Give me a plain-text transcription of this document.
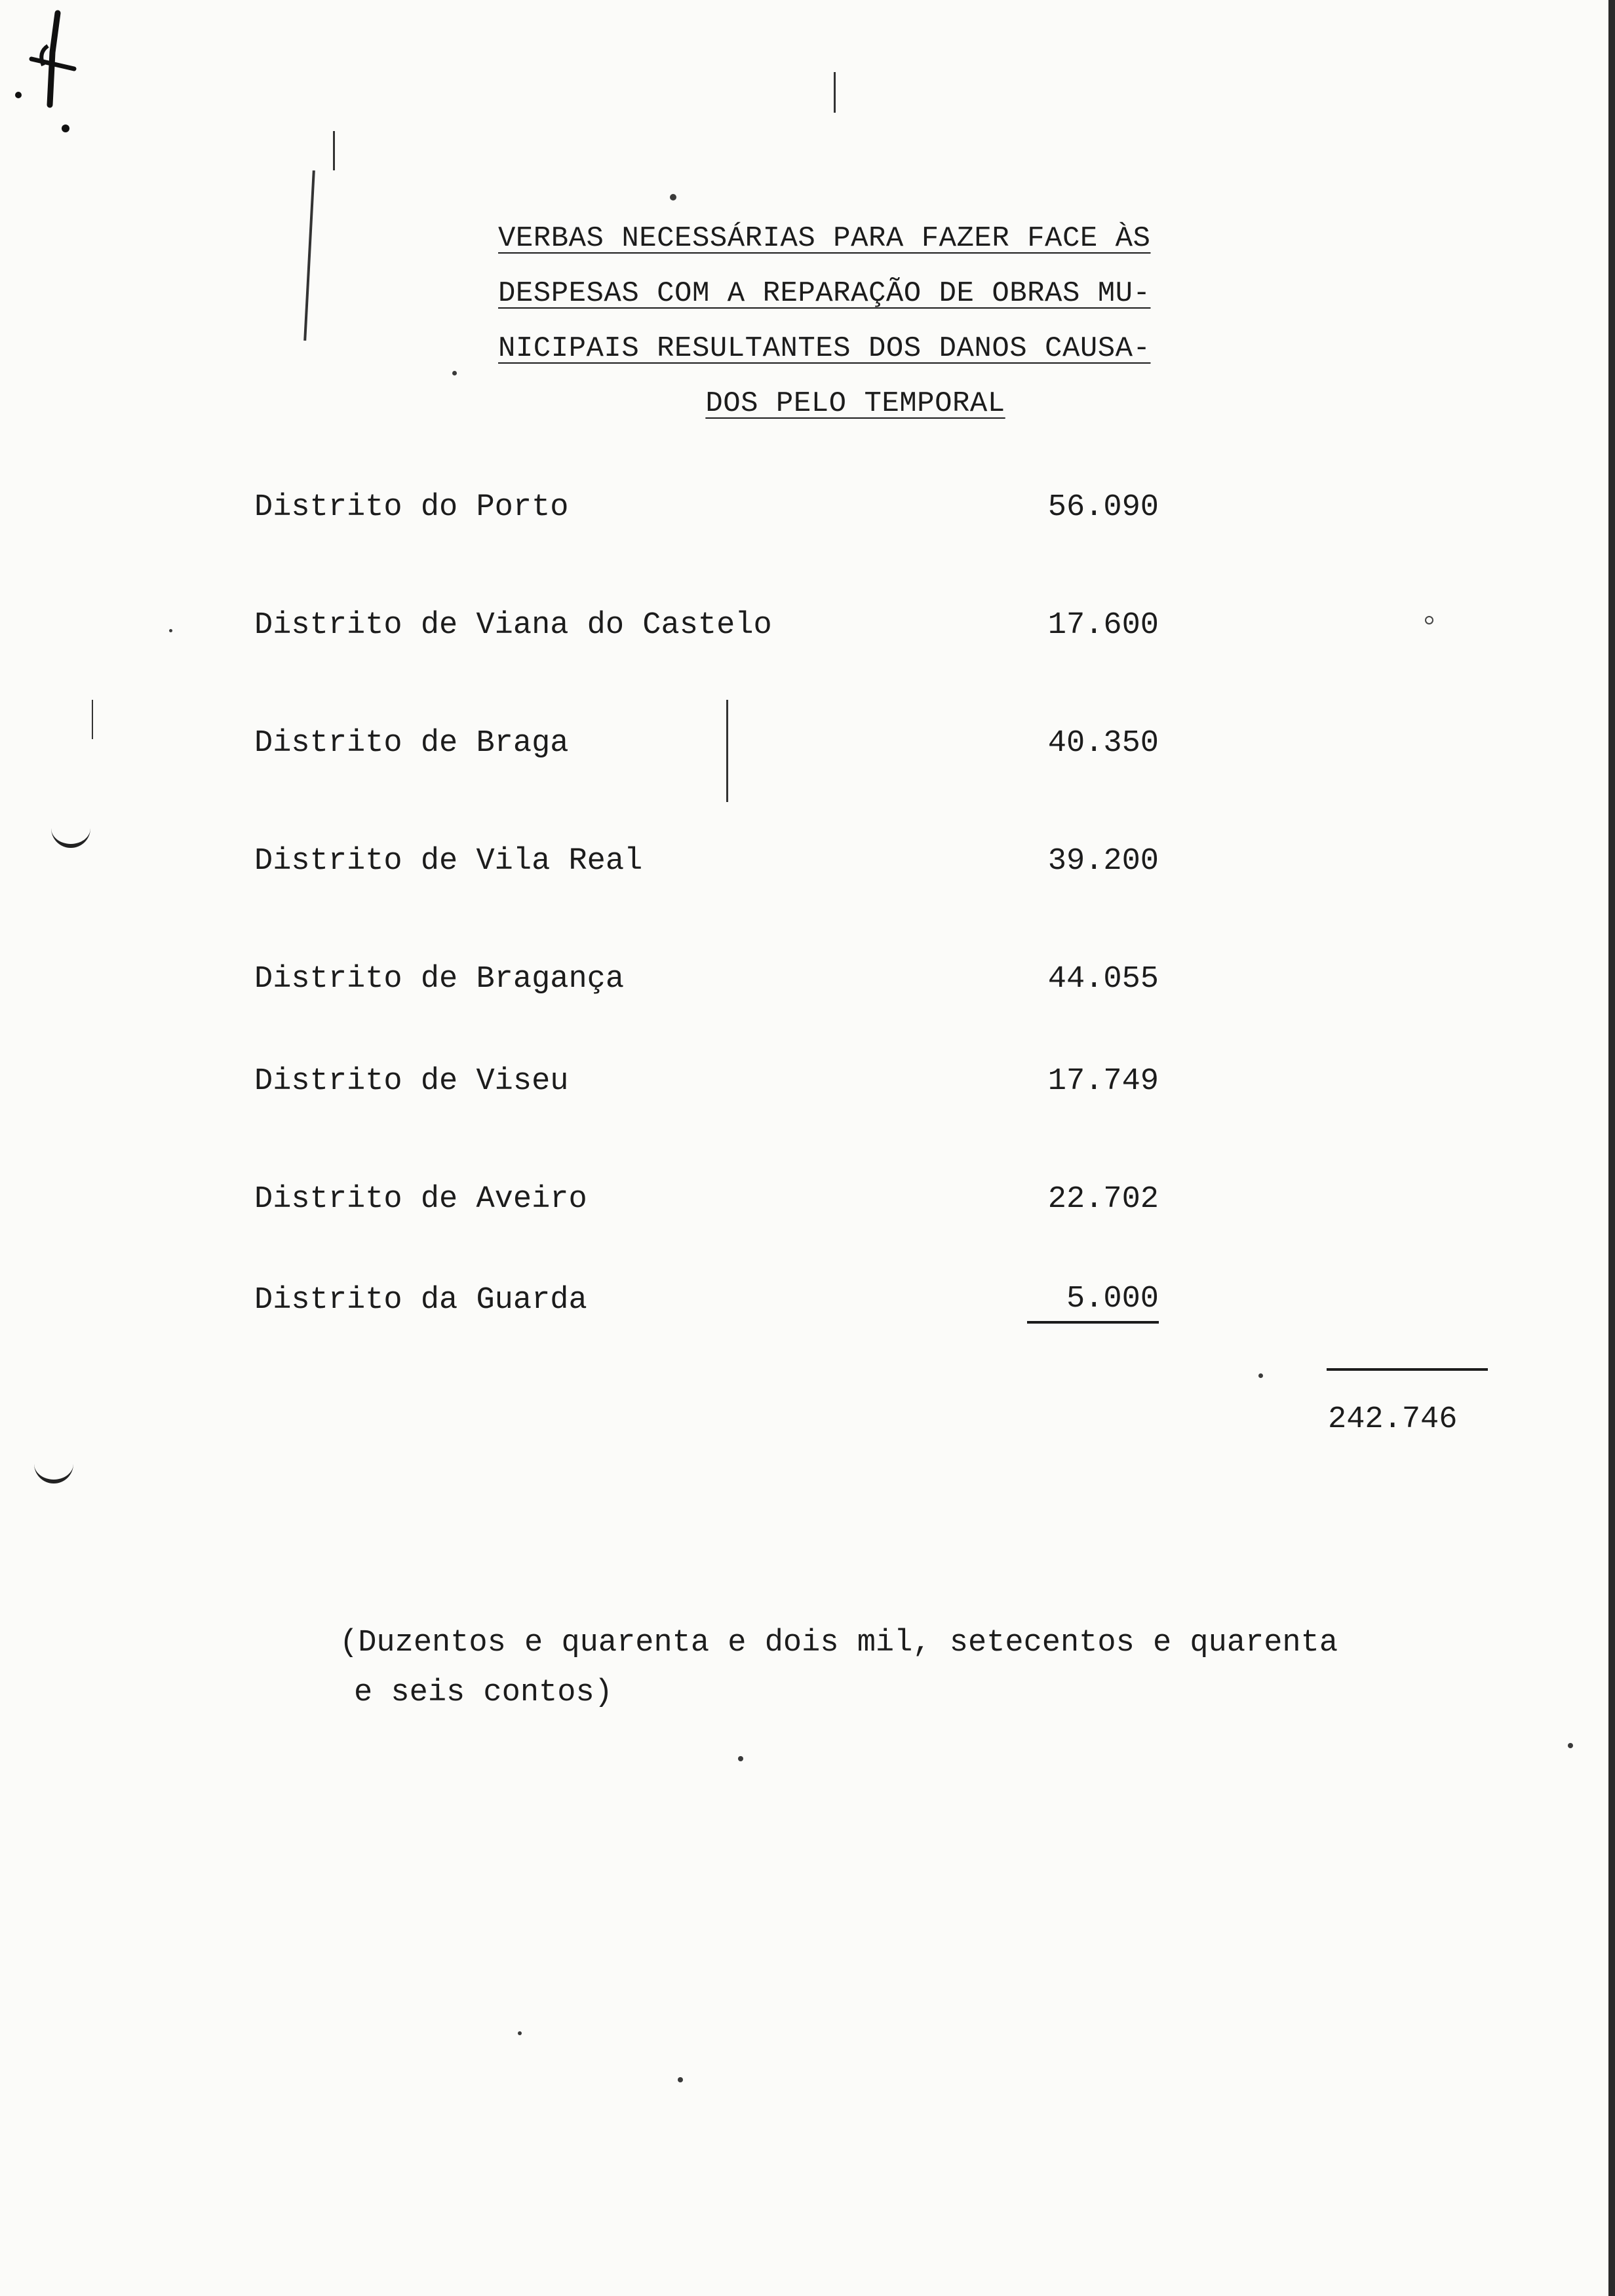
VERBAS NECESSÁRIAS PARA FAZER FACE ÀS
DESPESAS COM A REPARAÇÃO DE OBRAS MU-
NICIPAIS RESULTANTES DOS DANOS CAUSA-
DOS PELO TEMPORAL
Distrito do Porto	56.090
Distrito de Viana do Castelo	17.600
Distrito de Braga	40.350
Distrito de Vila Real	39.200
Distrito de Bragança	44.055
Distrito de Viseu	17.749
Distrito de Aveiro	22.702
Distrito da Guarda	5.000
242.746
(Duzentos e quarenta e dois mil, setecentos e quarenta
e seis contos)
